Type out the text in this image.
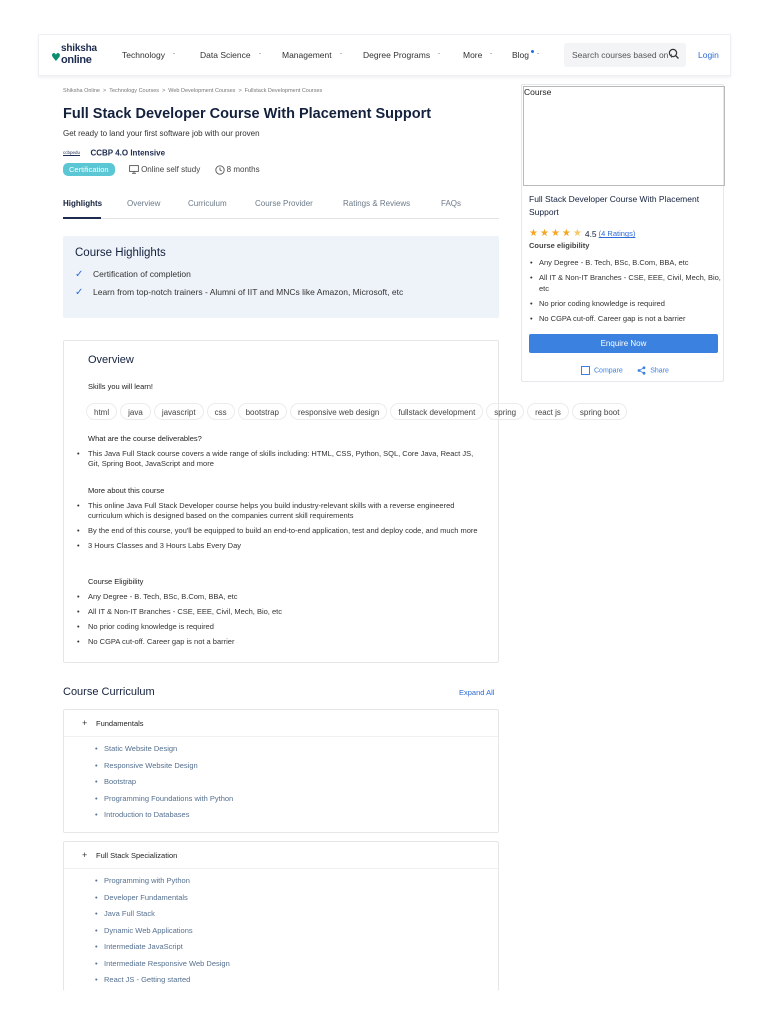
♥
shiksha
online	Technology ˇ	Data Science ˇ Management ˇ Degree Programs ˇ	More ˇ Blog ˇ
Search courses based on skills	Login
Shiksha Online > Technology Courses > Web Development Courses > Fullstack Development Courses
Full Stack Developer Course With Placement Support
Get ready to land your first software job with our proven
ccbpedu CCBP 4.O Intensive
Certification	Online self study	8 months
Highlights	Overview	Curriculum	Course Provider	Ratings & Reviews	FAQs
Course Highlights
✓ Certification of completion
✓ Learn from top-notch trainers - Alumni of IIT and MNCs like Amazon, Microsoft, etc
Overview
Skills you will learn!
html java javascript css bootstrap responsive web design fullstack development spring react js spring boot
What are the course deliverables?
• This Java Full Stack course covers a wide range of skills including: HTML, CSS, Python, SQL, Core Java, React JS, Git, Spring Boot, JavaScript and more
More about this course
• This online Java Full Stack Developer course helps you build industry-relevant skills with a reverse engineered curriculum which is designed based on the companies current skill requirements
• By the end of this course, you'll be equipped to build an end-to-end application, test and deploy code, and much more
• 3 Hours Classes and 3 Hours Labs Every Day
Course Eligibility
• Any Degree - B. Tech, BSc, B.Com, BBA, etc
• All IT & Non-IT Branches - CSE, EEE, Civil, Mech, Bio, etc
• No prior coding knowledge is required
• No CGPA cut-off. Career gap is not a barrier
Course Curriculum	Expand All
+ Fundamentals
• Static Website Design
• Responsive Website Design
• Bootstrap
• Programming Foundations with Python
• Introduction to Databases
+ Full Stack Specialization
• Programming with Python
• Developer Fundamentals
• Java Full Stack
• Dynamic Web Applications
• Intermediate JavaScript
• Intermediate Responsive Web Design
• React JS - Getting started
Course
Full Stack Developer Course With Placement Support
★ ★ ★ ★ ★ 4.5 (4 Ratings)
Course eligibility
• Any Degree - B. Tech, BSc, B.Com, BBA, etc
• All IT & Non-IT Branches - CSE, EEE, Civil, Mech, Bio, etc
• No prior coding knowledge is required
• No CGPA cut-off. Career gap is not a barrier
Enquire Now
Compare	Share
